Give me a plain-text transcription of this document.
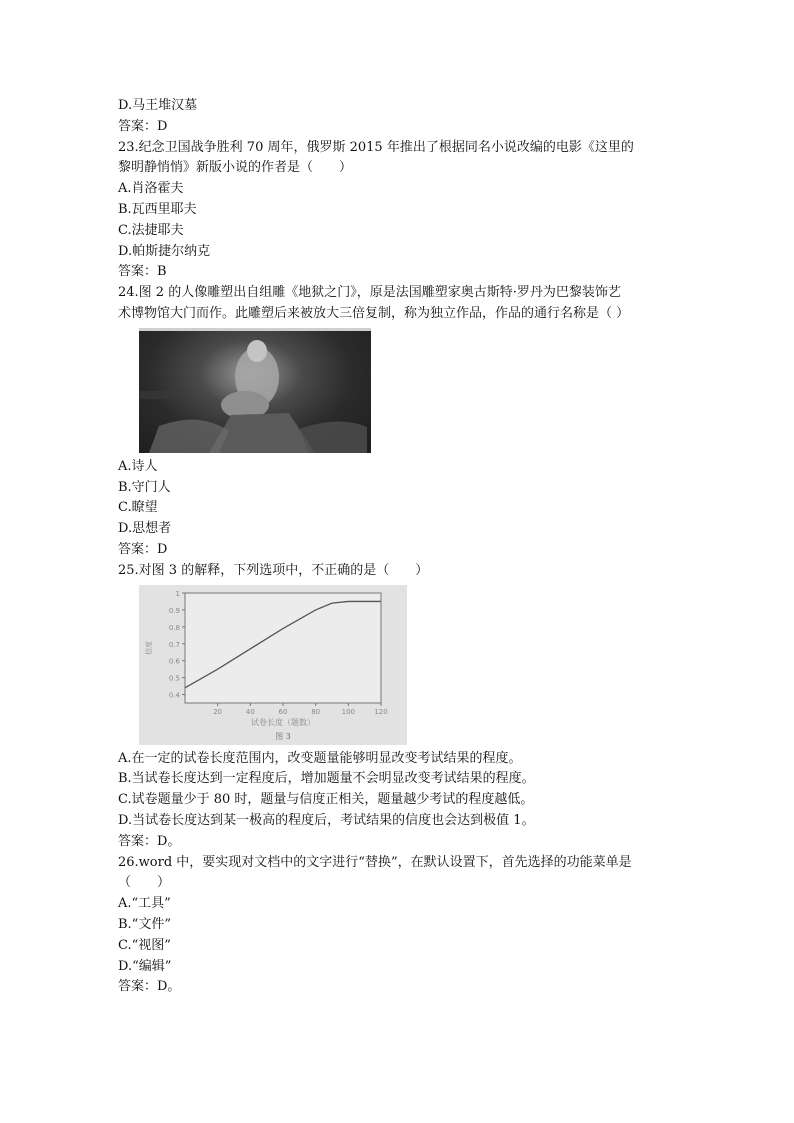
D.马王堆汉墓
答案：D
23.纪念卫国战争胜利 70 周年，俄罗斯 2015 年推出了根据同名小说改编的电影《这里的
黎明静悄悄》新版小说的作者是（　　）
A.肖洛霍夫
B.瓦西里耶夫
C.法捷耶夫
D.帕斯捷尔纳克
答案：B
24.图 2 的人像雕塑出自组雕《地狱之门》，原是法国雕塑家奥古斯特·罗丹为巴黎装饰艺
术博物馆大门而作。此雕塑后来被放大三倍复制，称为独立作品，作品的通行名称是（ ）
A.诗人
B.守门人
C.瞭望
D.思想者
答案：D
25.对图 3 的解释，下列选项中，不正确的是（　　）
0.4
0.5
0.6
0.7
0.8
0.9
1
20	40	60	80	100	120
信度
试卷长度（题数）
图 3
A.在一定的试卷长度范围内，改变题量能够明显改变考试结果的程度。
B.当试卷长度达到一定程度后，增加题量不会明显改变考试结果的程度。
C.试卷题量少于 80 时，题量与信度正相关，题量越少考试的程度越低。
D.当试卷长度达到某一极高的程度后，考试结果的信度也会达到极值 1。
答案：D。
26.word 中，要实现对文档中的文字进行“替换”，在默认设置下，首先选择的功能菜单是
（　　）
A.“工具”
B.“文件”
C.“视图”
D.“编辑”
答案：D。
